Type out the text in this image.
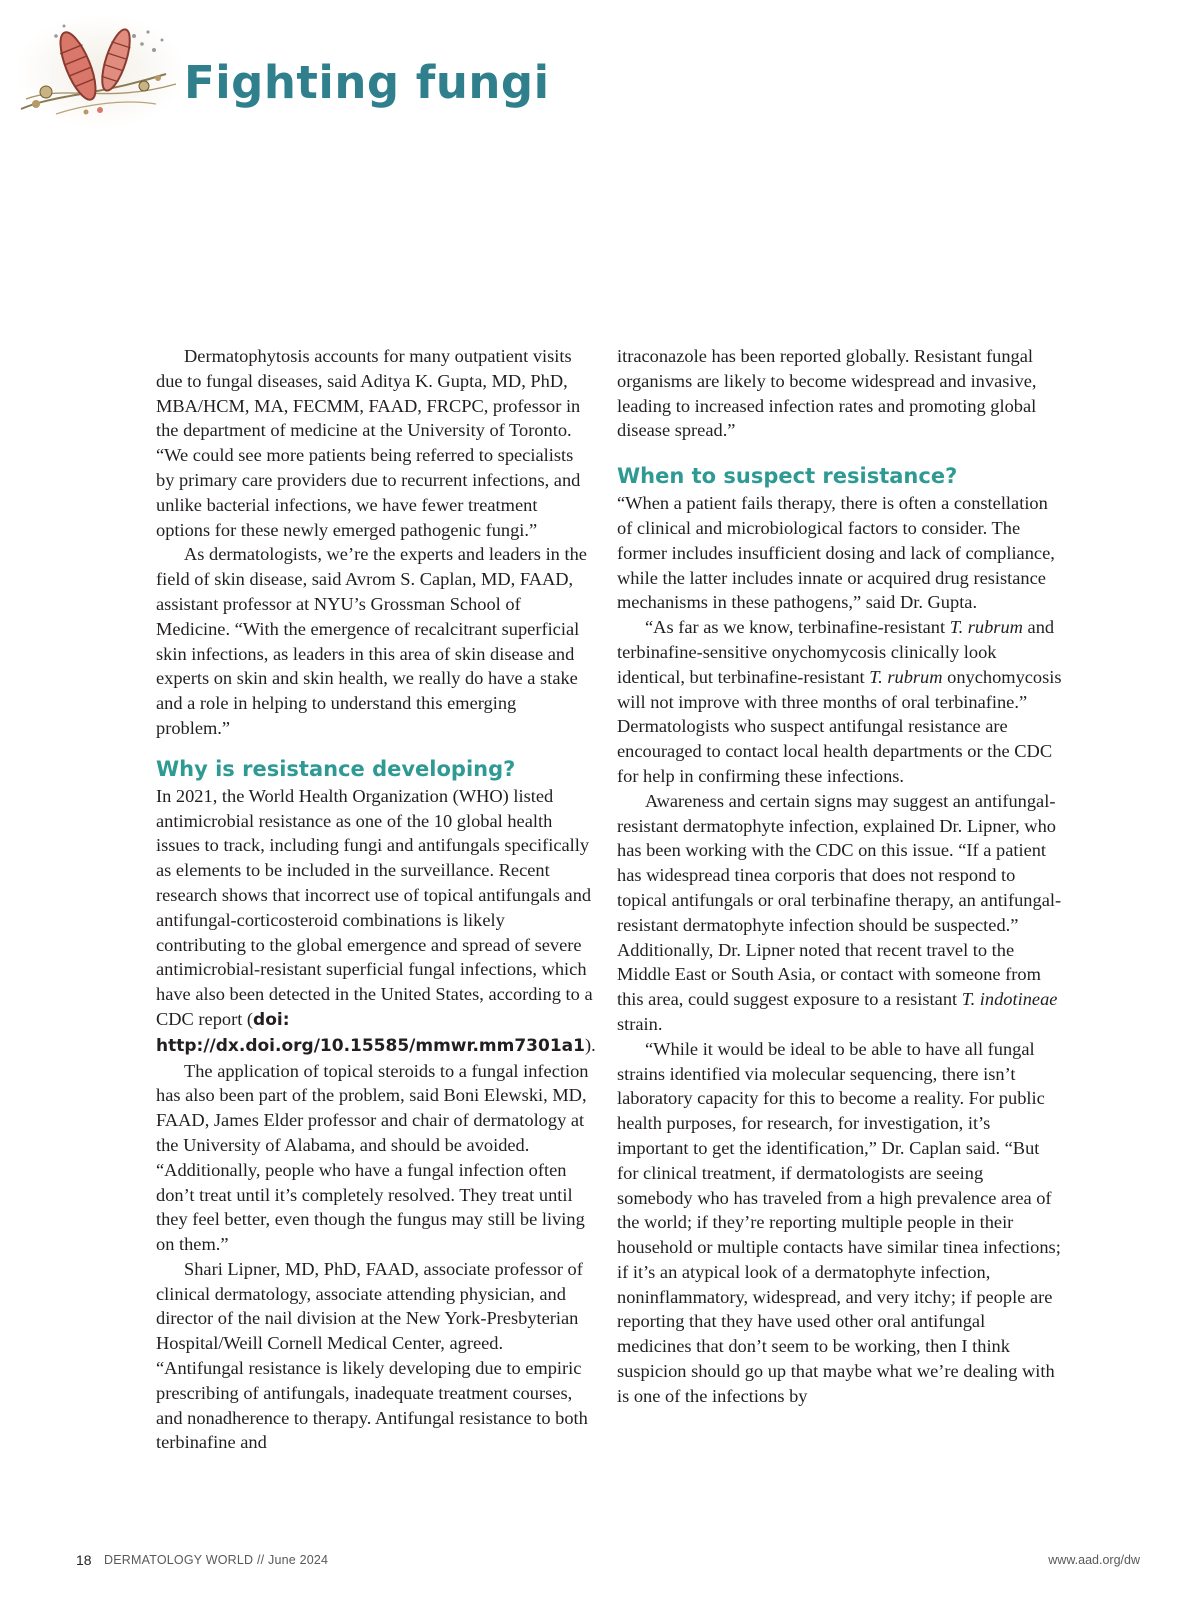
Fighting fungi

Dermatophytosis accounts for many outpatient visits due to fungal diseases, said Aditya K. Gupta, MD, PhD, MBA/HCM, MA, FECMM, FAAD, FRCPC, professor in the department of medicine at the University of Toronto. “We could see more patients being referred to specialists by primary care providers due to recurrent infections, and unlike bacterial infections, we have fewer treatment options for these newly emerged pathogenic fungi.”

As dermatologists, we’re the experts and leaders in the field of skin disease, said Avrom S. Caplan, MD, FAAD, assistant professor at NYU’s Grossman School of Medicine. “With the emergence of recalcitrant superficial skin infections, as leaders in this area of skin disease and experts on skin and skin health, we really do have a stake and a role in helping to understand this emerging problem.”

Why is resistance developing?

In 2021, the World Health Organization (WHO) listed antimicrobial resistance as one of the 10 global health issues to track, including fungi and antifungals specifically as elements to be included in the surveillance. Recent research shows that incorrect use of topical antifungals and antifungal-corticosteroid combinations is likely contributing to the global emergence and spread of severe antimicrobial-resistant superficial fungal infections, which have also been detected in the United States, according to a CDC report (doi: http://dx.doi.org/10.15585/mmwr.mm7301a1).

The application of topical steroids to a fungal infection has also been part of the problem, said Boni Elewski, MD, FAAD, James Elder professor and chair of dermatology at the University of Alabama, and should be avoided. “Additionally, people who have a fungal infection often don’t treat until it’s completely resolved. They treat until they feel better, even though the fungus may still be living on them.”

Shari Lipner, MD, PhD, FAAD, associate professor of clinical dermatology, associate attending physician, and director of the nail division at the New York-Presbyterian Hospital/Weill Cornell Medical Center, agreed. “Antifungal resistance is likely developing due to empiric prescribing of antifungals, inadequate treatment courses, and nonadherence to therapy. Antifungal resistance to both terbinafine and

itraconazole has been reported globally. Resistant fungal organisms are likely to become widespread and invasive, leading to increased infection rates and promoting global disease spread.”

When to suspect resistance?

“When a patient fails therapy, there is often a constellation of clinical and microbiological factors to consider. The former includes insufficient dosing and lack of compliance, while the latter includes innate or acquired drug resistance mechanisms in these pathogens,” said Dr. Gupta.

“As far as we know, terbinafine-resistant T. rubrum and terbinafine-sensitive onychomycosis clinically look identical, but terbinafine-resistant T. rubrum onychomycosis will not improve with three months of oral terbinafine.” Dermatologists who suspect antifungal resistance are encouraged to contact local health departments or the CDC for help in confirming these infections.

Awareness and certain signs may suggest an antifungal-resistant dermatophyte infection, explained Dr. Lipner, who has been working with the CDC on this issue. “If a patient has widespread tinea corporis that does not respond to topical antifungals or oral terbinafine therapy, an antifungal-resistant dermatophyte infection should be suspected.” Additionally, Dr. Lipner noted that recent travel to the Middle East or South Asia, or contact with someone from this area, could suggest exposure to a resistant T. indotineae strain.

“While it would be ideal to be able to have all fungal strains identified via molecular sequencing, there isn’t laboratory capacity for this to become a reality. For public health purposes, for research, for investigation, it’s important to get the identification,” Dr. Caplan said. “But for clinical treatment, if dermatologists are seeing somebody who has traveled from a high prevalence area of the world; if they’re reporting multiple people in their household or multiple contacts have similar tinea infections; if it’s an atypical look of a dermatophyte infection, noninflammatory, widespread, and very itchy; if people are reporting that they have used other oral antifungal medicines that don’t seem to be working, then I think suspicion should go up that maybe what we’re dealing with is one of the infections by

18 DERMATOLOGY WORLD // June 2024	www.aad.org/dw
